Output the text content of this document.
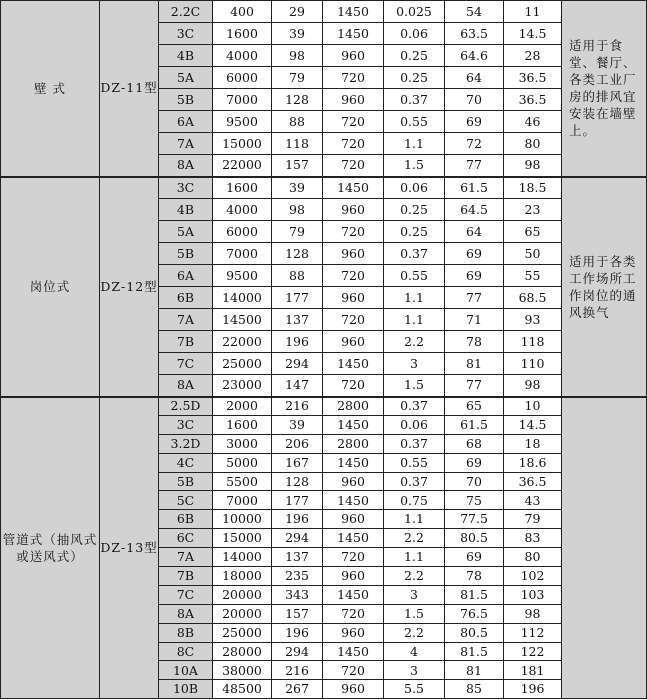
壁 式	DZ-11型	2.2C	400	29	1450	0.025	54	11	适用于食堂、餐厅、各类工业厂房的排风宜安装在墙壁上。
		3C	1600	39	1450	0.06	63.5	14.5	
		4B	4000	98	960	0.25	64.6	28	
		5A	6000	79	720	0.25	64	36.5	
		5B	7000	128	960	0.37	70	36.5	
		6A	9500	88	720	0.55	69	46	
		7A	15000	118	720	1.1	72	80	
		8A	22000	157	720	1.5	77	98	
岗位式	DZ-12型	3C	1600	39	1450	0.06	61.5	18.5	适用于各类工作场所工作岗位的通风换气
		4B	4000	98	960	0.25	64.5	23	
		5A	6000	79	720	0.25	64	65	
		5B	7000	128	960	0.37	69	50	
		6A	9500	88	720	0.55	69	55	
		6B	14000	177	960	1.1	77	68.5	
		7A	14500	137	720	1.1	71	93	
		7B	22000	196	960	2.2	78	118	
		7C	25000	294	1450	3	81	110	
		8A	23000	147	720	1.5	77	98	
管道式（抽风式或送风式）	DZ-13型	2.5D	2000	216	2800	0.37	65	10	
		3C	1600	39	1450	0.06	61.5	14.5	
		3.2D	3000	206	2800	0.37	68	18	
		4C	5000	167	1450	0.55	69	18.6	
		5B	5500	128	960	0.37	70	36.5	
		5C	7000	177	1450	0.75	75	43	
		6B	10000	196	960	1.1	77.5	79	
		6C	15000	294	1450	2.2	80.5	83	
		7A	14000	137	720	1.1	69	80	
		7B	18000	235	960	2.2	78	102	
		7C	20000	343	1450	3	81.5	103	
		8A	20000	157	720	1.5	76.5	98	
		8B	25000	196	960	2.2	80.5	112	
		8C	28000	294	1450	4	81.5	122	
		10A	38000	216	720	3	81	181	
		10B	48500	267	960	5.5	85	196	
